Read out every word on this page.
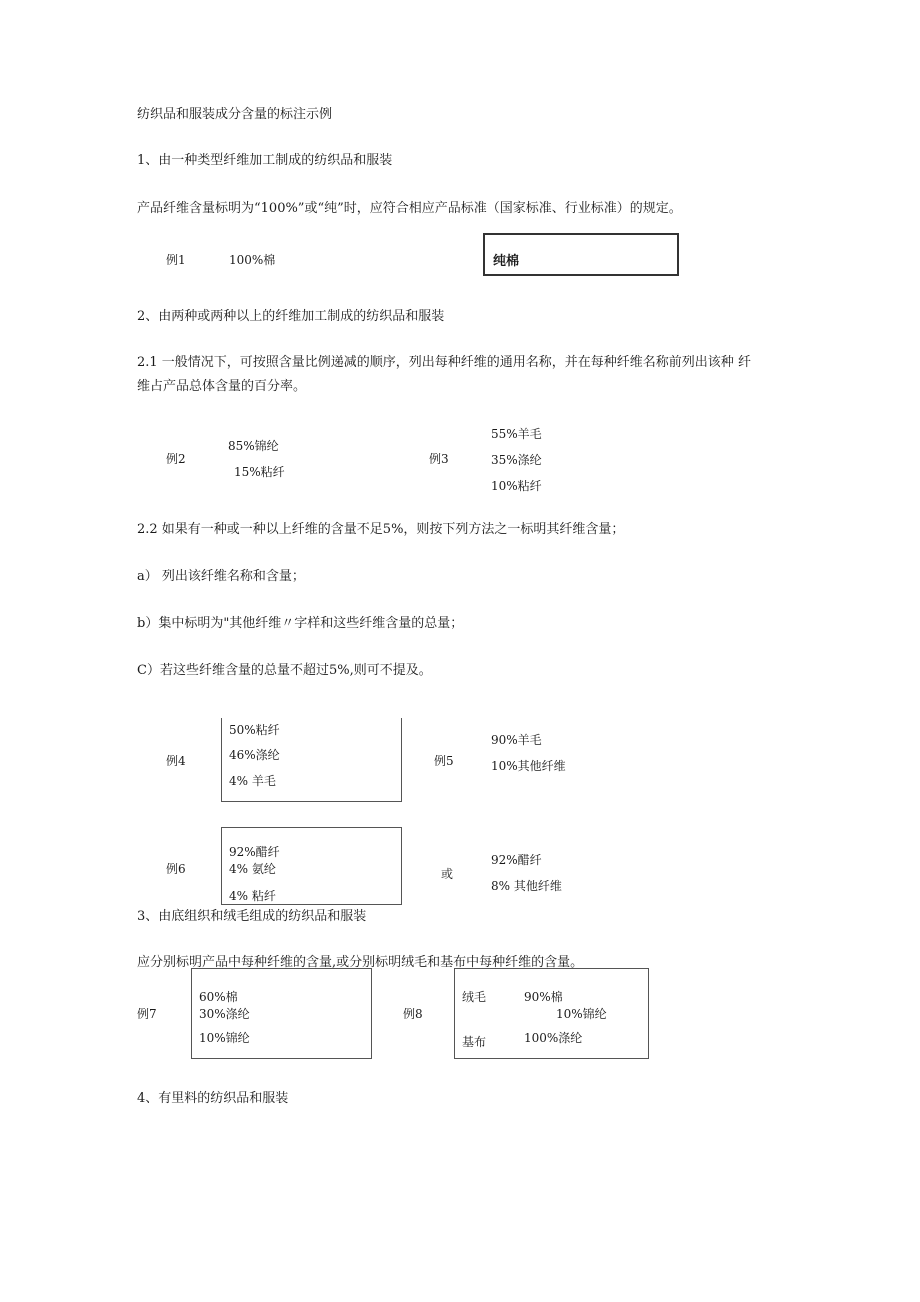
纺织品和服装成分含量的标注示例
1、由一种类型纤维加工制成的纺织品和服装
产品纤维含量标明为“100%”或“纯”时，应符合相应产品标准（国家标准、行业标准）的规定。
例1	100%棉	纯棉
2、由两种或两种以上的纤维加工制成的纺织品和服装
2.1 一般情况下，可按照含量比例递减的顺序，列出每种纤维的通用名称，并在每种纤维名称前列出该种 纤
维占产品总体含量的百分率。
例2
85%锦纶
15%粘纤
例3
55%羊毛
35%涤纶
10%粘纤
2.2 如果有一种或一种以上纤维的含量不足5%，则按下列方法之一标明其纤维含量；
a） 列出该纤维名称和含量；
b）集中标明为"其他纤维〃字样和这些纤维含量的总量；
C）若这些纤维含量的总量不超过5%,则可不提及。
例4
50%粘纤
46%涤纶
4% 羊毛
例5
90%羊毛
10%其他纤维
例6
92%醋纤
4% 氨纶
4% 粘纤
或
92%醋纤
8% 其他纤维
3、由底组织和绒毛组成的纺织品和服装
应分别标明产品中每种纤维的含量,或分别标明绒毛和基布中每种纤维的含量。
例7
60%棉
30%涤纶
10%锦纶
例8
绒毛	90%棉
10%锦纶
基布	100%涤纶
4、有里料的纺织品和服装
